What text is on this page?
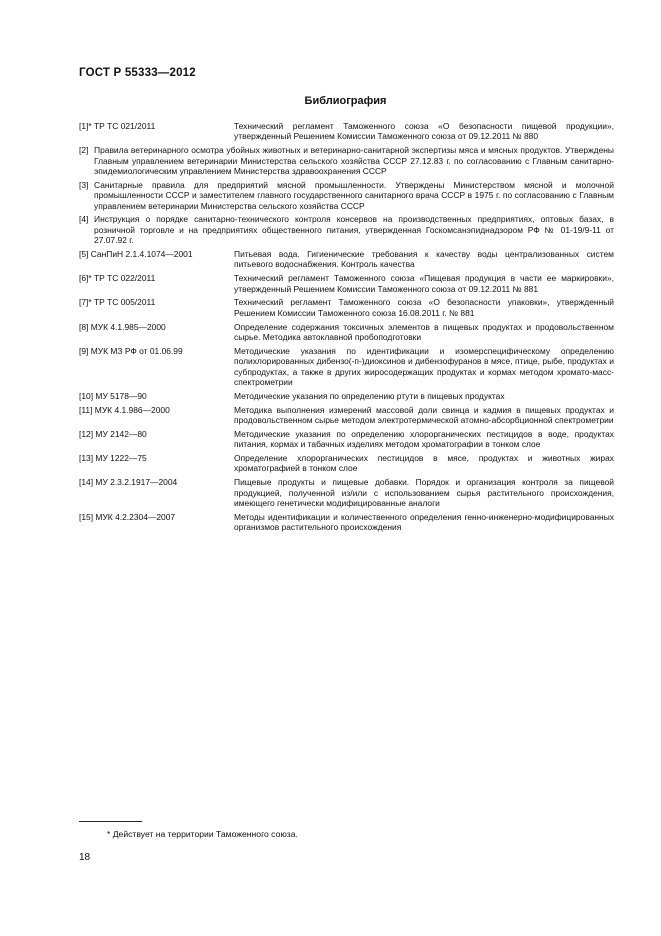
ГОСТ Р 55333—2012
Библиография
[1]* ТР ТС 021/2011	Технический регламент Таможенного союза «О безопасности пищевой продукции», утвержденный Решением Комиссии Таможенного союза от 09.12.2011 № 880
[2] Правила ветеринарного осмотра убойных животных и ветеринарно-санитарной экспертизы мяса и мясных продуктов. Утверждены Главным управлением ветеринарии Министерства сельского хозяйства СССР 27.12.83 г. по согласованию с Главным санитарно-эпидемиологическим управлением Министерства здравоохранения СССР
[3] Санитарные правила для предприятий мясной промышленности. Утверждены Министерством мясной и молочной промышленности СССР и заместителем главного государственного санитарного врача СССР в 1975 г. по согласованию с Главным управлением ветеринарии Министерства сельского хозяйства СССР
[4] Инструкция о порядке санитарно-технического контроля консервов на производственных предприятиях, оптовых базах, в розничной торговле и на предприятиях общественного питания, утвержденная Госкомсанэпиднадзором РФ № 01-19/9-11 от 27.07.92 г.
[5] СанПиН 2.1.4.1074—2001	Питьевая вода. Гигиенические требования к качеству воды централизованных систем питьевого водоснабжения. Контроль качества
[6]* ТР ТС 022/2011	Технический регламент Таможенного союза «Пищевая продукция в части ее маркировки», утвержденный Решением Комиссии Таможенного союза от 09.12.2011 № 881
[7]* ТР ТС 005/2011	Технический регламент Таможенного союза «О безопасности упаковки», утвержденный Решением Комиссии Таможенного союза 16.08.2011 г. № 881
[8] МУК 4.1.985—2000	Определение содержания токсичных элементов в пищевых продуктах и продовольственном сырье. Методика автоклавной пробоподготовки
[9] МУК МЗ РФ от 01.06.99	Методические указания по идентификации и изомерспецифическому определению полихлорированных дибензо(-п-)диоксинов и дибензофуранов в мясе, птице, рыбе, продуктах и субпродуктах, а также в других жиросодержащих продуктах и кормах методом хромато-масс-спектрометрии
[10] МУ 5178—90	Методические указания по определению ртути в пищевых продуктах
[11] МУК 4.1.986—2000	Методика выполнения измерений массовой доли свинца и кадмия в пищевых продуктах и продовольственном сырье методом электротермической атомно-абсорбционной спектрометрии
[12] МУ 2142—80	Методические указания по определению хлорорганических пестицидов в воде, продуктах питания, кормах и табачных изделиях методом хроматографии в тонком слое
[13] МУ 1222—75	Определение хлорорганических пестицидов в мясе, продуктах и животных жирах хроматографией в тонком слое
[14] МУ 2.3.2.1917—2004	Пищевые продукты и пищевые добавки. Порядок и организация контроля за пищевой продукцией, полученной из/или с использованием сырья растительного происхождения, имеющего генетически модифицированные аналоги
[15] МУК 4.2.2304—2007	Методы идентификации и количественного определения генно-инженерно-модифицированных организмов растительного происхождения
* Действует на территории Таможенного союза.
18
